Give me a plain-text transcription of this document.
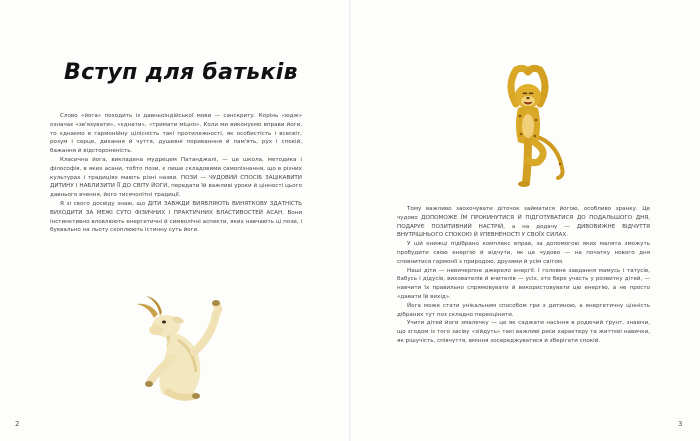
Вступ для батьків

Слово «йога» походить із давньоіндійської мови — санскриту. Корінь «юдж» означає «зв'язувати», «єднати», «тримати міцно». Коли ми виконуємо вправи йоги, то єднаємо в гармонійну цілісність такі протилежності, як особистість і всесвіт, розум і серце, дихання й чуття, душевні пориванння й пам'ять, рух і спокій, бажання й відстороненість.

Класична йога, викладена мудрецем Патанджалі, — це школа, методика і філософія, в яких асани, тобто пози, є лише складовими самопізнання, що в різних культурах і традиціях мають різні назви. ПОЗИ — ЧУДОВИЙ СПОСІБ ЗАЦІКАВИТИ ДИТИНУ І НАБЛИЗИТИ ЇЇ ДО СВІТУ ЙОГИ, передати їй важливі уроки й цінності цього давнього вчення, його тисячолітні традиції.

Я зі свого досвіду знаю, що ДІТИ ЗАВЖДИ ВИЯВЛЯЮТЬ ВИНЯТКОВУ ЗДАТНІСТЬ ВИХОДИТИ ЗА МЕЖІ СУТО ФІЗИЧНИХ І ПРАКТИЧНИХ ВЛАСТИВОСТЕЙ АСАН. Вони інстинктивно вловлюють енергетичні й символічні аспекти, яких навчають ці пози, і буквально на льоту схоплюють істинну суть йоги.

2

Тому важливо заохочувати діточок займатися йогою, особливо зранку. Це чудово ДОПОМОЖЕ ЇМ ПРОКИНУТИСЯ Й ПІДГОТУВАТИСЯ ДО ПОДАЛЬШОГО ДНЯ, ПОДАРУЄ ПОЗИТИВНИЙ НАСТРІЙ, а на додачу — ДИВОВИЖНЕ ВІДЧУТТЯ ВНУТРІШНЬОГО СПОКОЮ Й УПЕВНЕНОСТІ У СВОЇХ СИЛАХ.

У цій книжці підібрано комплекс вправ, за допомогою яких малята зможуть пробудити свою енергію й відчути, як це чудово — на початку нового дня сповнитися гармонії з природою, друзями й усім світом.

Наші діти — невичерпне джерело енергії. І головне завдання мамусь і татусів, бабусь і дідусів, вихователів й вчителів — усіх, хто бере участь у розвитку дітей, — навчити їх правильно спрямовувати й використовувати цю енергію, а не просто «давати їй вихід».

Йога може стати унікальним способом гри з дитиною, а енергетичну цінність дібраних тут поз складно переоцінити.

Учити дітей йоги змалечку — це як саджати насіння в родючий ґрунт, знаючи, що згодом із того засіву «зійдуть» такі важливі риси характеру та життєві навички, як рішучість, співчуття, вміння зосереджуватися й зберігати спокій.

3
